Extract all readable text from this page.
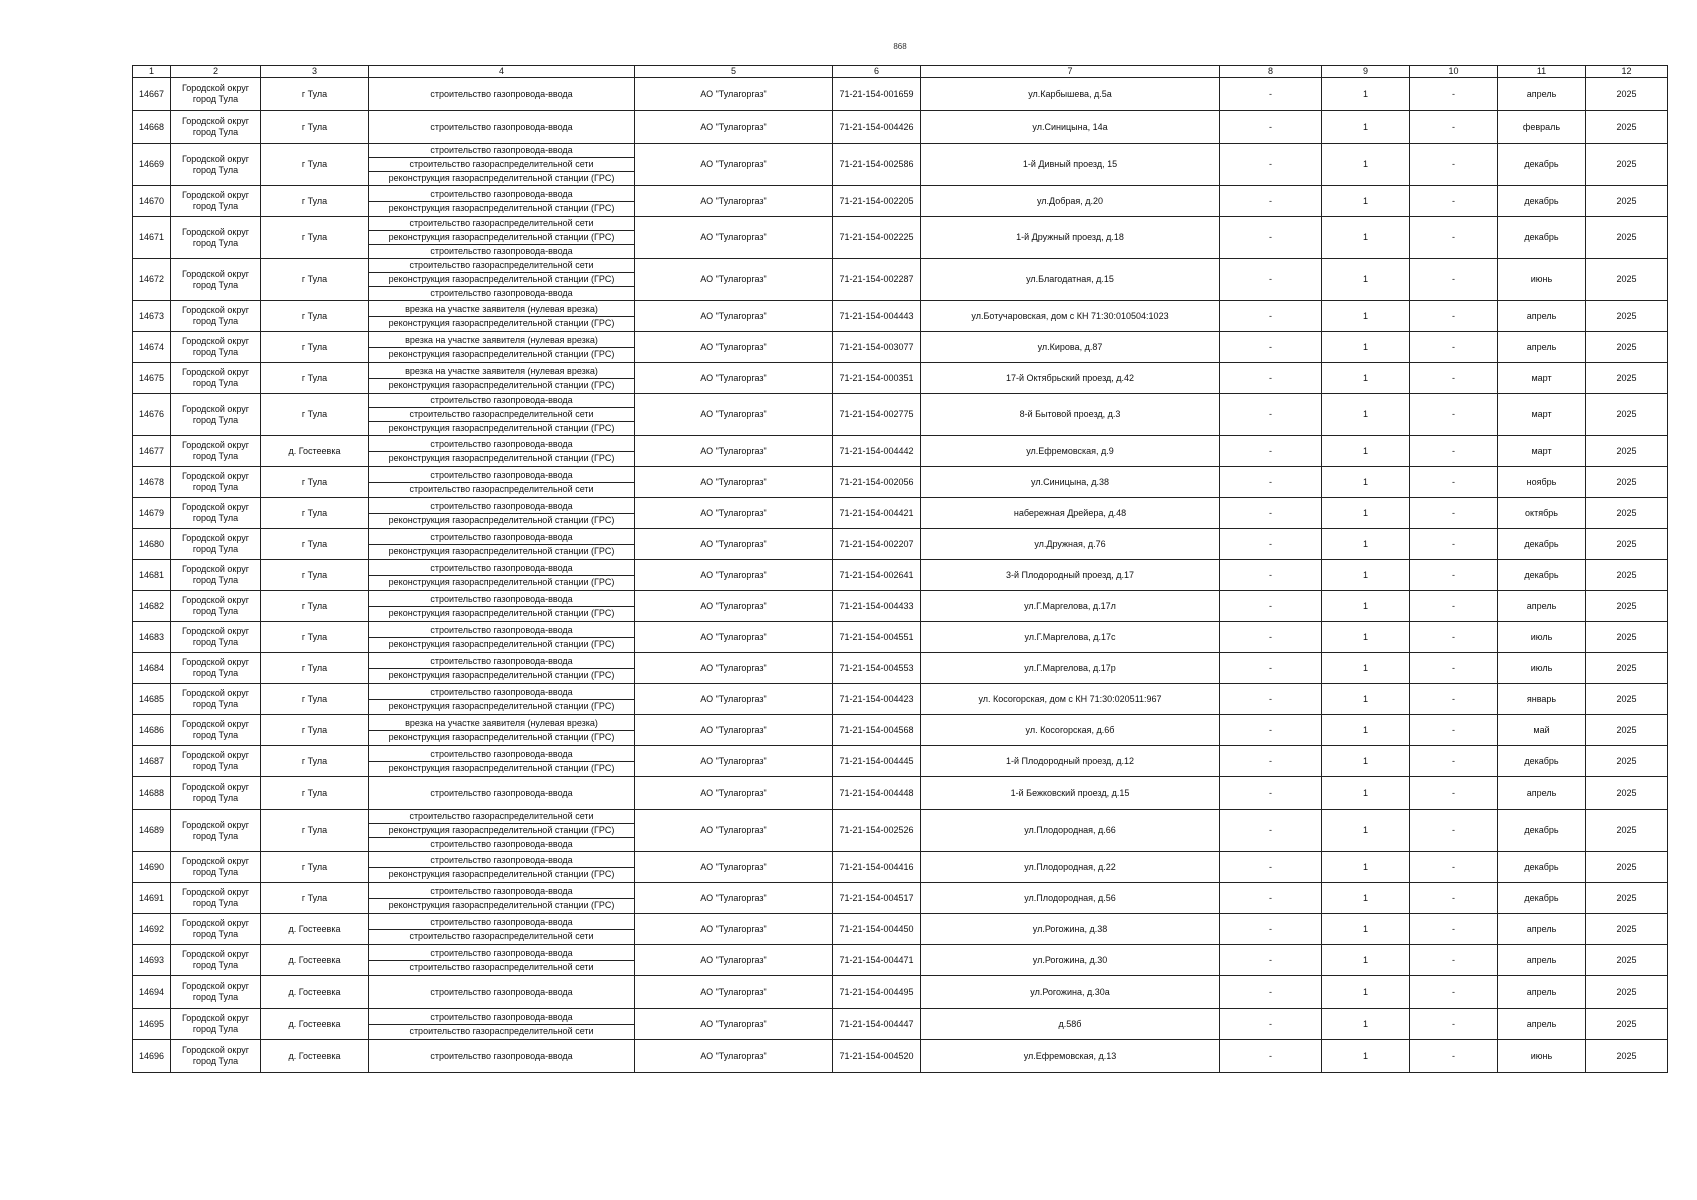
868
1	2	3	4	5	6	7	8	9	10	11	12
14667	Городской округ город Тула	г Тула	строительство газопровода-ввода	АО "Тулагоргаз"	71-21-154-001659	ул.Карбышева, д.5а	-	1	-	апрель	2025
14668	Городской округ город Тула	г Тула	строительство газопровода-ввода	АО "Тулагоргаз"	71-21-154-004426	ул.Синицына, 14а	-	1	-	февраль	2025
14669	Городской округ город Тула	г Тула	строительство газопровода-ввода
строительство газораспределительной сети
реконструкция газораспределительной станции (ГРС)	АО "Тулагоргаз"	71-21-154-002586	1-й Дивный проезд, 15	-	1	-	декабрь	2025
14670	Городской округ город Тула	г Тула	строительство газопровода-ввода
реконструкция газораспределительной станции (ГРС)	АО "Тулагоргаз"	71-21-154-002205	ул.Добрая, д.20	-	1	-	декабрь	2025
14671	Городской округ город Тула	г Тула	строительство газораспределительной сети
реконструкция газораспределительной станции (ГРС)
строительство газопровода-ввода	АО "Тулагоргаз"	71-21-154-002225	1-й Дружный проезд, д.18	-	1	-	декабрь	2025
14672	Городской округ город Тула	г Тула	строительство газораспределительной сети
реконструкция газораспределительной станции (ГРС)
строительство газопровода-ввода	АО "Тулагоргаз"	71-21-154-002287	ул.Благодатная, д.15	-	1	-	июнь	2025
14673	Городской округ город Тула	г Тула	врезка на участке заявителя (нулевая врезка)
реконструкция газораспределительной станции (ГРС)	АО "Тулагоргаз"	71-21-154-004443	ул.Ботучаровская, дом с КН 71:30:010504:1023	-	1	-	апрель	2025
14674	Городской округ город Тула	г Тула	врезка на участке заявителя (нулевая врезка)
реконструкция газораспределительной станции (ГРС)	АО "Тулагоргаз"	71-21-154-003077	ул.Кирова, д.87	-	1	-	апрель	2025
14675	Городской округ город Тула	г Тула	врезка на участке заявителя (нулевая врезка)
реконструкция газораспределительной станции (ГРС)	АО "Тулагоргаз"	71-21-154-000351	17-й Октябрьский проезд, д.42	-	1	-	март	2025
14676	Городской округ город Тула	г Тула	строительство газопровода-ввода
строительство газораспределительной сети
реконструкция газораспределительной станции (ГРС)	АО "Тулагоргаз"	71-21-154-002775	8-й Бытовой проезд, д.3	-	1	-	март	2025
14677	Городской округ город Тула	д. Гостеевка	строительство газопровода-ввода
реконструкция газораспределительной станции (ГРС)	АО "Тулагоргаз"	71-21-154-004442	ул.Ефремовская, д.9	-	1	-	март	2025
14678	Городской округ город Тула	г Тула	строительство газопровода-ввода
строительство газораспределительной сети	АО "Тулагоргаз"	71-21-154-002056	ул.Синицына, д.38	-	1	-	ноябрь	2025
14679	Городской округ город Тула	г Тула	строительство газопровода-ввода
реконструкция газораспределительной станции (ГРС)	АО "Тулагоргаз"	71-21-154-004421	набережная Дрейера, д.48	-	1	-	октябрь	2025
14680	Городской округ город Тула	г Тула	строительство газопровода-ввода
реконструкция газораспределительной станции (ГРС)	АО "Тулагоргаз"	71-21-154-002207	ул.Дружная, д.76	-	1	-	декабрь	2025
14681	Городской округ город Тула	г Тула	строительство газопровода-ввода
реконструкция газораспределительной станции (ГРС)	АО "Тулагоргаз"	71-21-154-002641	3-й Плодородный проезд, д.17	-	1	-	декабрь	2025
14682	Городской округ город Тула	г Тула	строительство газопровода-ввода
реконструкция газораспределительной станции (ГРС)	АО "Тулагоргаз"	71-21-154-004433	ул.Г.Маргелова, д.17л	-	1	-	апрель	2025
14683	Городской округ город Тула	г Тула	строительство газопровода-ввода
реконструкция газораспределительной станции (ГРС)	АО "Тулагоргаз"	71-21-154-004551	ул.Г.Маргелова, д.17с	-	1	-	июль	2025
14684	Городской округ город Тула	г Тула	строительство газопровода-ввода
реконструкция газораспределительной станции (ГРС)	АО "Тулагоргаз"	71-21-154-004553	ул.Г.Маргелова, д.17р	-	1	-	июль	2025
14685	Городской округ город Тула	г Тула	строительство газопровода-ввода
реконструкция газораспределительной станции (ГРС)	АО "Тулагоргаз"	71-21-154-004423	ул. Косогорская, дом с КН 71:30:020511:967	-	1	-	январь	2025
14686	Городской округ город Тула	г Тула	врезка на участке заявителя (нулевая врезка)
реконструкция газораспределительной станции (ГРС)	АО "Тулагоргаз"	71-21-154-004568	ул. Косогорская, д.6б	-	1	-	май	2025
14687	Городской округ город Тула	г Тула	строительство газопровода-ввода
реконструкция газораспределительной станции (ГРС)	АО "Тулагоргаз"	71-21-154-004445	1-й Плодородный проезд, д.12	-	1	-	декабрь	2025
14688	Городской округ город Тула	г Тула	строительство газопровода-ввода	АО "Тулагоргаз"	71-21-154-004448	1-й Бежковский проезд, д.15	-	1	-	апрель	2025
14689	Городской округ город Тула	г Тула	строительство газораспределительной сети
реконструкция газораспределительной станции (ГРС)
строительство газопровода-ввода	АО "Тулагоргаз"	71-21-154-002526	ул.Плодородная, д.66	-	1	-	декабрь	2025
14690	Городской округ город Тула	г Тула	строительство газопровода-ввода
реконструкция газораспределительной станции (ГРС)	АО "Тулагоргаз"	71-21-154-004416	ул.Плодородная, д.22	-	1	-	декабрь	2025
14691	Городской округ город Тула	г Тула	строительство газопровода-ввода
реконструкция газораспределительной станции (ГРС)	АО "Тулагоргаз"	71-21-154-004517	ул.Плодородная, д.56	-	1	-	декабрь	2025
14692	Городской округ город Тула	д. Гостеевка	строительство газопровода-ввода
строительство газораспределительной сети	АО "Тулагоргаз"	71-21-154-004450	ул.Рогожина, д.38	-	1	-	апрель	2025
14693	Городской округ город Тула	д. Гостеевка	строительство газопровода-ввода
строительство газораспределительной сети	АО "Тулагоргаз"	71-21-154-004471	ул.Рогожина, д.30	-	1	-	апрель	2025
14694	Городской округ город Тула	д. Гостеевка	строительство газопровода-ввода	АО "Тулагоргаз"	71-21-154-004495	ул.Рогожина, д.30а	-	1	-	апрель	2025
14695	Городской округ город Тула	д. Гостеевка	строительство газопровода-ввода
строительство газораспределительной сети	АО "Тулагоргаз"	71-21-154-004447	д.58б	-	1	-	апрель	2025
14696	Городской округ город Тула	д. Гостеевка	строительство газопровода-ввода	АО "Тулагоргаз"	71-21-154-004520	ул.Ефремовская, д.13	-	1	-	июнь	2025
